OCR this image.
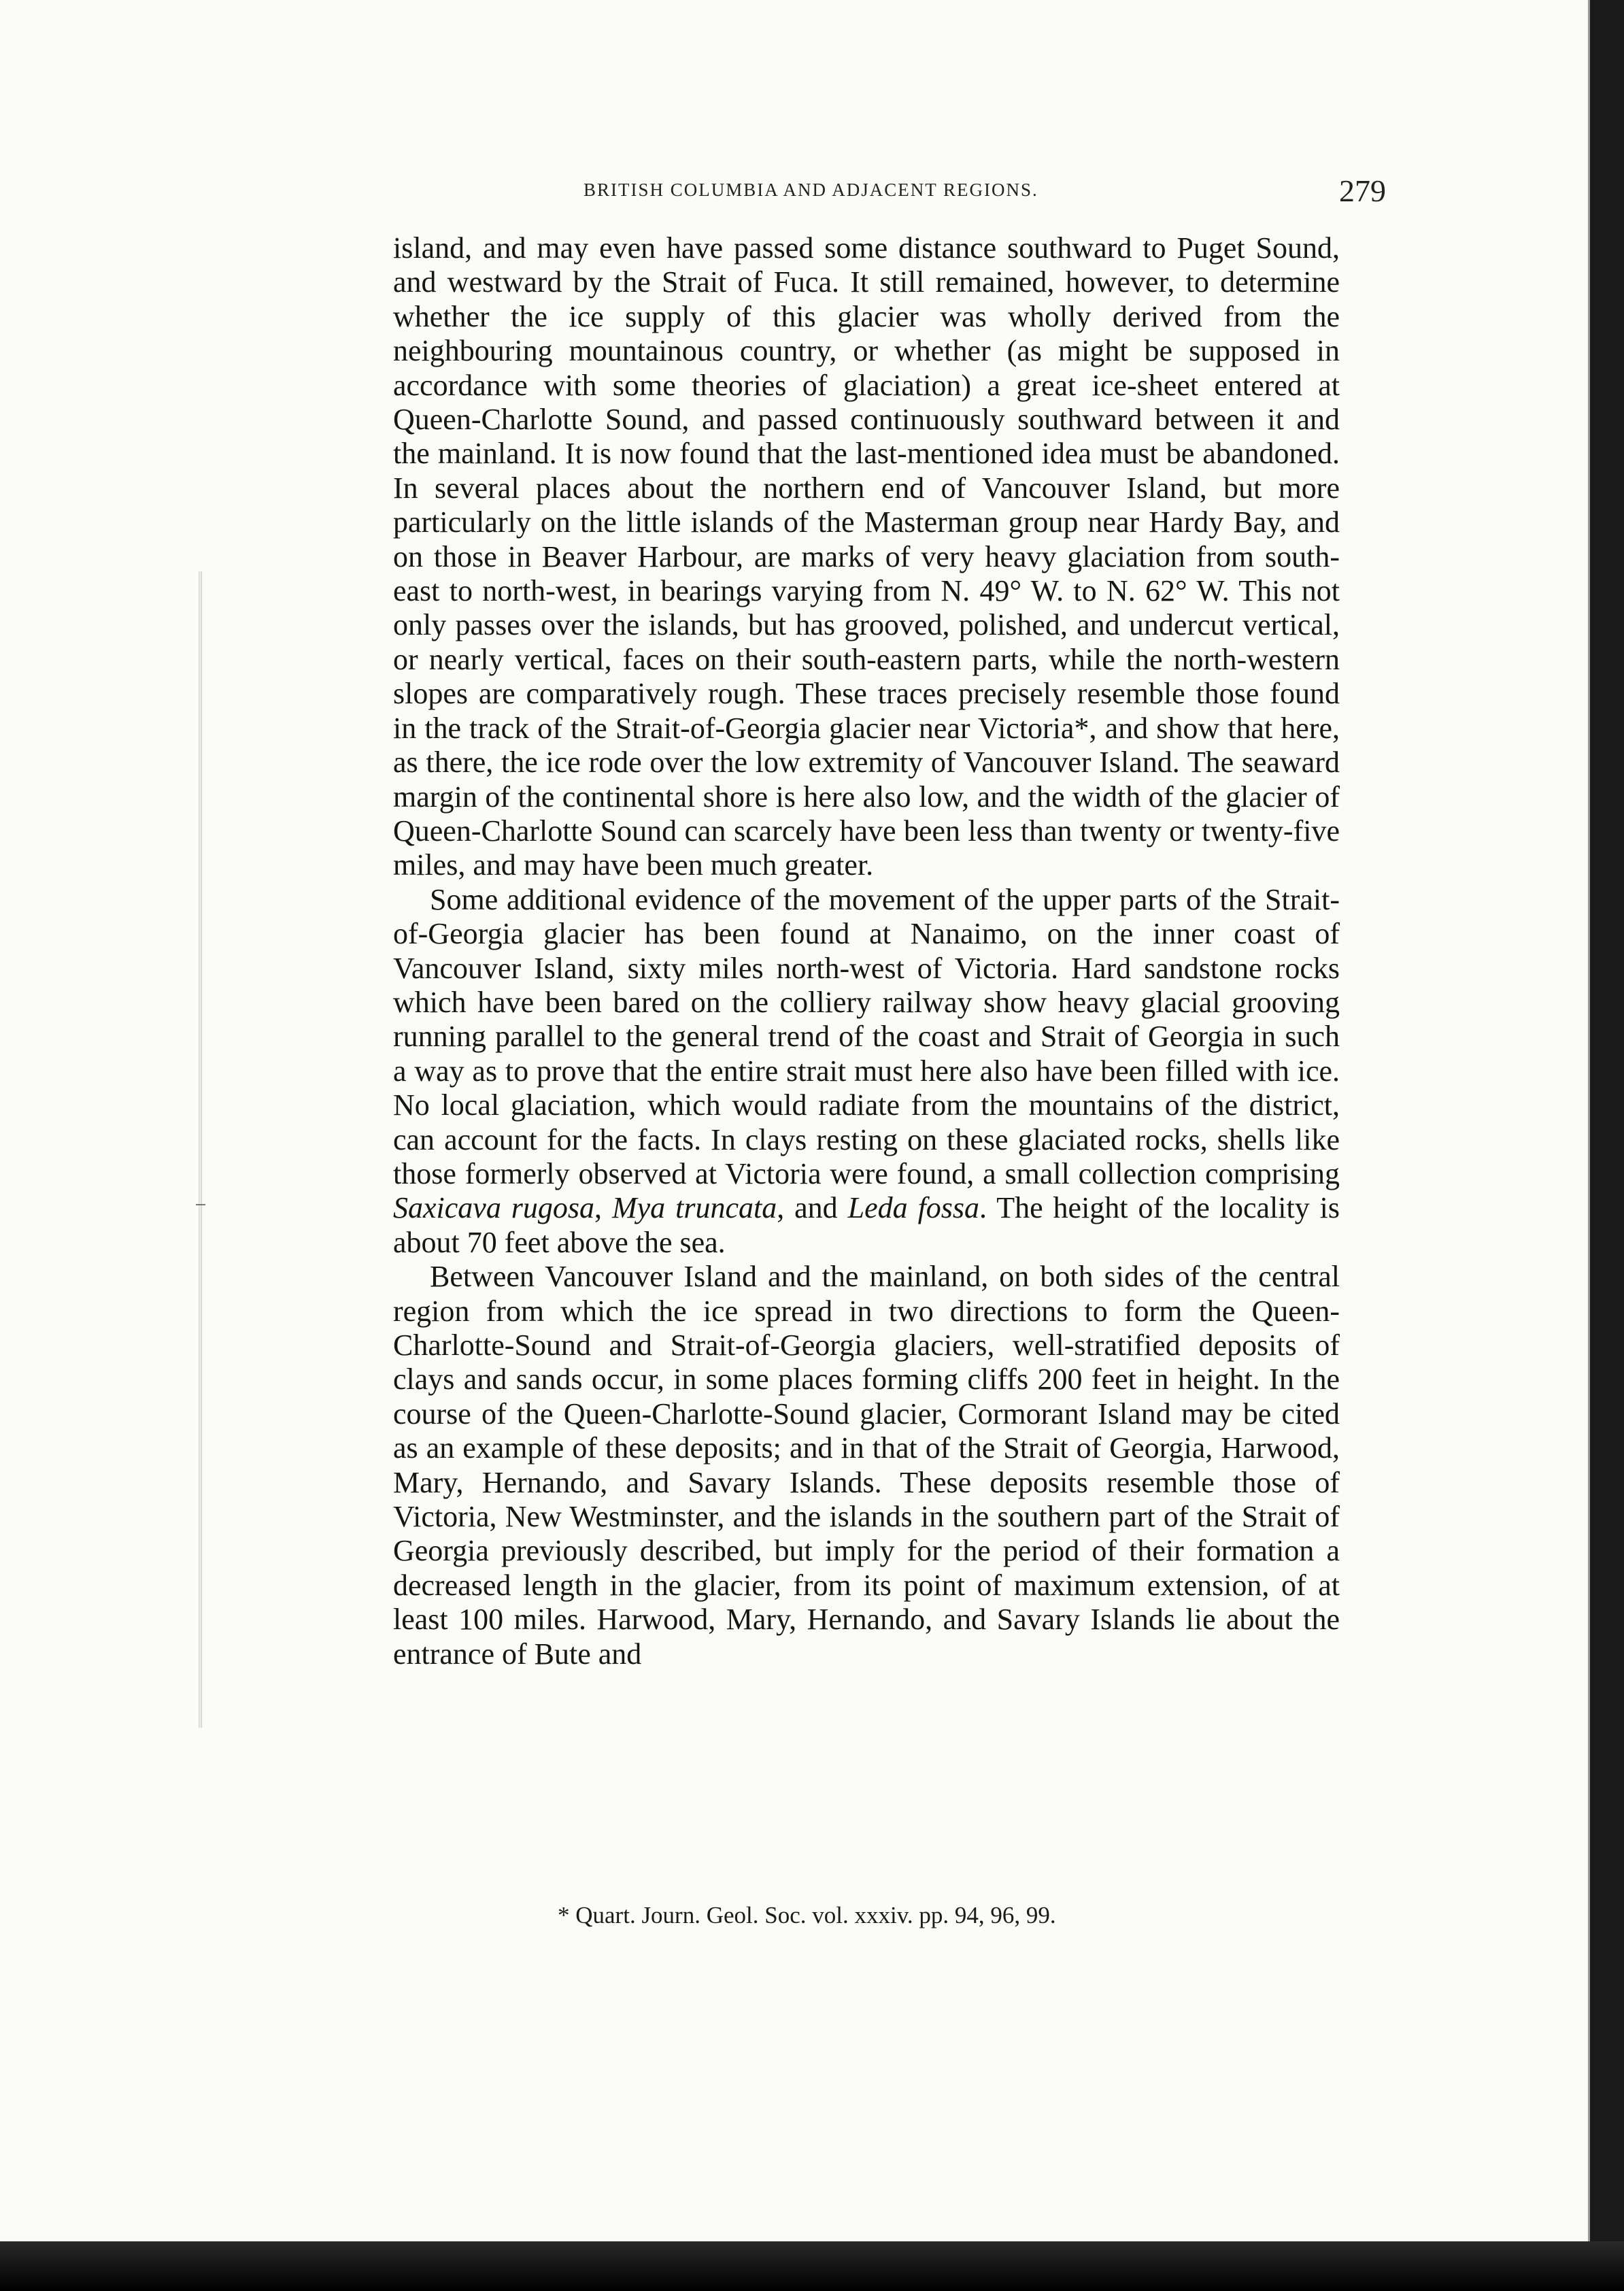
BRITISH COLUMBIA AND ADJACENT REGIONS.	279

island, and may even have passed some distance southward to Puget Sound, and westward by the Strait of Fuca. It still remained, however, to determine whether the ice supply of this glacier was wholly derived from the neighbouring mountainous country, or whether (as might be supposed in accordance with some theories of glaciation) a great ice-sheet entered at Queen-Charlotte Sound, and passed continuously southward between it and the mainland. It is now found that the last-mentioned idea must be abandoned. In several places about the northern end of Vancouver Island, but more particularly on the little islands of the Masterman group near Hardy Bay, and on those in Beaver Harbour, are marks of very heavy glaciation from south-east to north-west, in bearings varying from N. 49° W. to N. 62° W. This not only passes over the islands, but has grooved, polished, and undercut vertical, or nearly vertical, faces on their south-eastern parts, while the north-western slopes are comparatively rough. These traces precisely resemble those found in the track of the Strait-of-Georgia glacier near Victoria*, and show that here, as there, the ice rode over the low extremity of Vancouver Island. The seaward margin of the continental shore is here also low, and the width of the glacier of Queen-Charlotte Sound can scarcely have been less than twenty or twenty-five miles, and may have been much greater.

Some additional evidence of the movement of the upper parts of the Strait-of-Georgia glacier has been found at Nanaimo, on the inner coast of Vancouver Island, sixty miles north-west of Victoria. Hard sandstone rocks which have been bared on the colliery railway show heavy glacial grooving running parallel to the general trend of the coast and Strait of Georgia in such a way as to prove that the entire strait must here also have been filled with ice. No local glaciation, which would radiate from the mountains of the district, can account for the facts. In clays resting on these glaciated rocks, shells like those formerly observed at Victoria were found, a small collection comprising Saxicava rugosa, Mya truncata, and Leda fossa. The height of the locality is about 70 feet above the sea.

Between Vancouver Island and the mainland, on both sides of the central region from which the ice spread in two directions to form the Queen-Charlotte-Sound and Strait-of-Georgia glaciers, well-stratified deposits of clays and sands occur, in some places forming cliffs 200 feet in height. In the course of the Queen-Charlotte-Sound glacier, Cormorant Island may be cited as an example of these deposits; and in that of the Strait of Georgia, Harwood, Mary, Hernando, and Savary Islands. These deposits resemble those of Victoria, New Westminster, and the islands in the southern part of the Strait of Georgia previously described, but imply for the period of their formation a decreased length in the glacier, from its point of maximum extension, of at least 100 miles. Harwood, Mary, Hernando, and Savary Islands lie about the entrance of Bute and

* Quart. Journ. Geol. Soc. vol. xxxiv. pp. 94, 96, 99.
